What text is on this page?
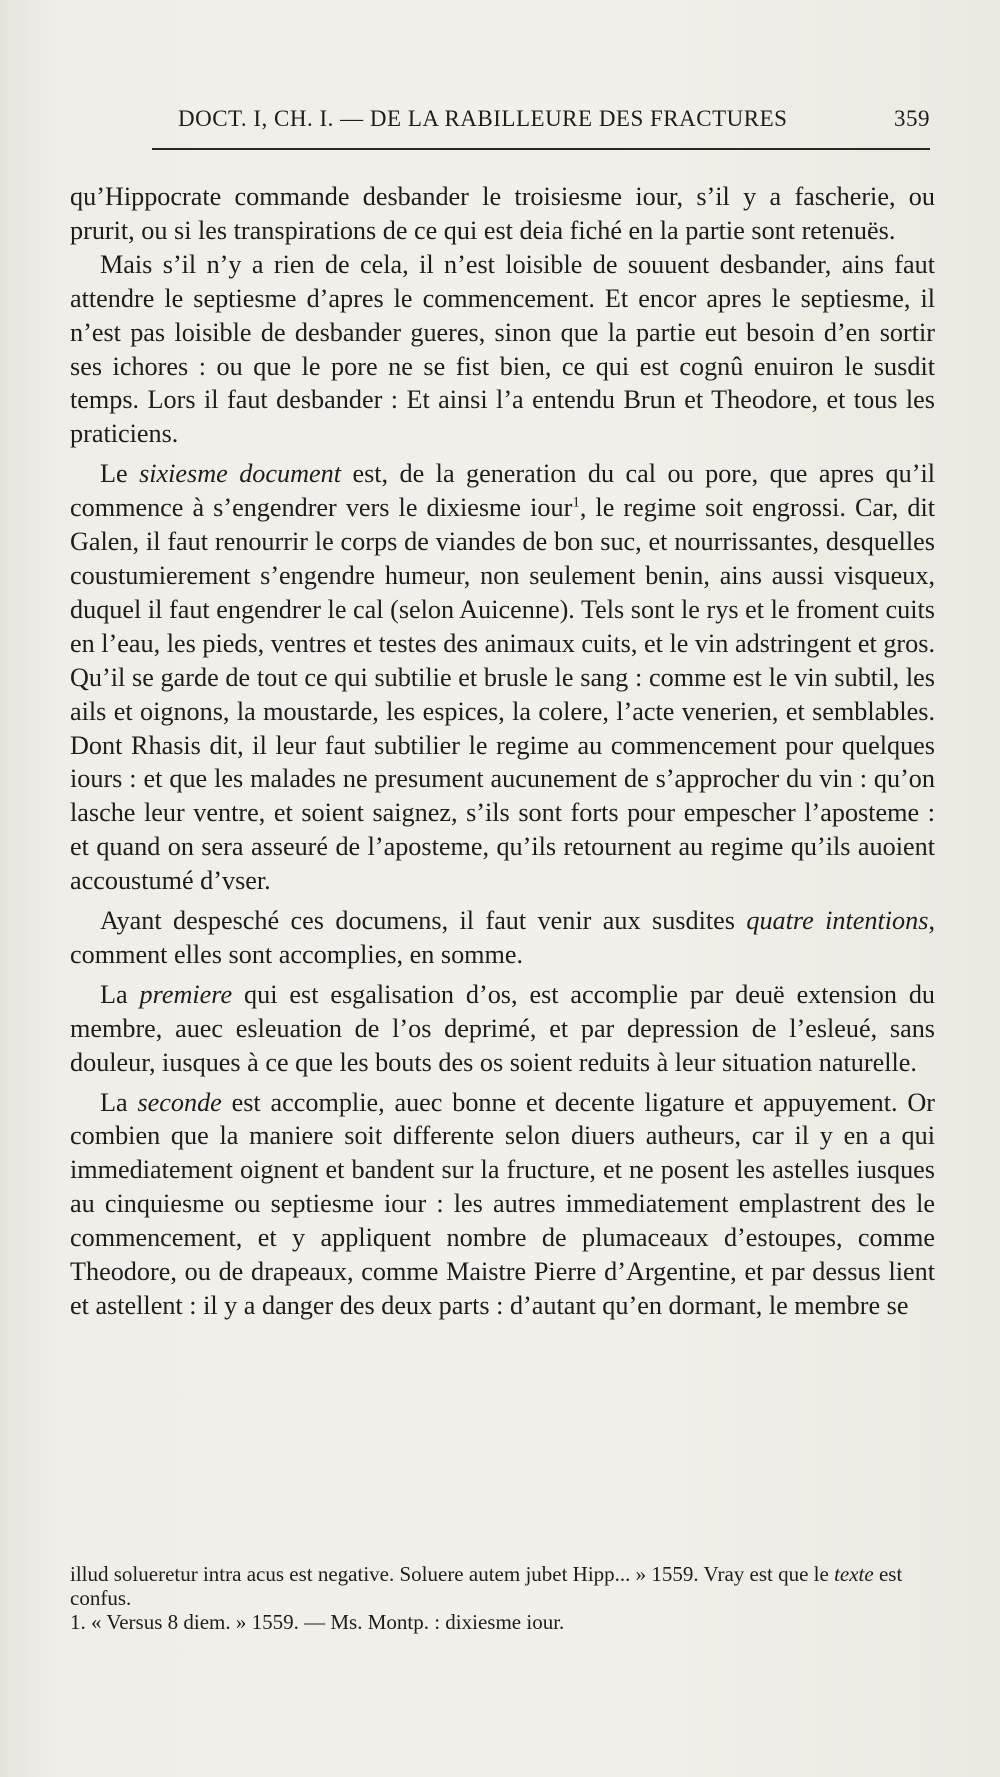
DOCT. I, CH. I. — DE LA RABILLEURE DES FRACTURES	359

qu’Hippocrate commande desbander le troisiesme iour, s’il y a fascherie, ou prurit, ou si les transpirations de ce qui est deia fiché en la partie sont retenuës.

Mais s’il n’y a rien de cela, il n’est loisible de souuent desbander, ains faut attendre le septiesme d’apres le commencement. Et encor apres le septiesme, il n’est pas loisible de desbander gueres, sinon que la partie eut besoin d’en sortir ses ichores : ou que le pore ne se fist bien, ce qui est cognû enuiron le susdit temps. Lors il faut desbander : Et ainsi l’a entendu Brun et Theodore, et tous les praticiens.

Le sixiesme document est, de la generation du cal ou pore, que apres qu’il commence à s’engendrer vers le dixiesme iour$^1$, le regime soit engrossi. Car, dit Galen, il faut renourrir le corps de viandes de bon suc, et nourrissantes, desquelles coustumierement s’engendre humeur, non seulement benin, ains aussi visqueux, duquel il faut engendrer le cal (selon Auicenne). Tels sont le rys et le froment cuits en l’eau, les pieds, ventres et testes des animaux cuits, et le vin adstringent et gros. Qu’il se garde de tout ce qui subtilie et brusle le sang : comme est le vin subtil, les ails et oignons, la moustarde, les espices, la colere, l’acte venerien, et semblables. Dont Rhasis dit, il leur faut subtilier le regime au commencement pour quelques iours : et que les malades ne presument aucunement de s’approcher du vin : qu’on lasche leur ventre, et soient saignez, s’ils sont forts pour empescher l’aposteme : et quand on sera asseuré de l’aposteme, qu’ils retournent au regime qu’ils auoient accoustumé d’vser.

Ayant despesché ces documens, il faut venir aux susdites quatre intentions, comment elles sont accomplies, en somme.

La premiere qui est esgalisation d’os, est accomplie par deuë extension du membre, auec esleuation de l’os deprimé, et par depression de l’esleué, sans douleur, iusques à ce que les bouts des os soient reduits à leur situation naturelle.

La seconde est accomplie, auec bonne et decente ligature et appuyement. Or combien que la maniere soit differente selon diuers autheurs, car il y en a qui immediatement oignent et bandent sur la fructure, et ne posent les astelles iusques au cinquiesme ou septiesme iour : les autres immediatement emplastrent des le commencement, et y appliquent nombre de plumaceaux d’estoupes, comme Theodore, ou de drapeaux, comme Maistre Pierre d’Argentine, et par dessus lient et astellent : il y a danger des deux parts : d’autant qu’en dormant, le membre se

illud solueretur intra acus est negative. Soluere autem jubet Hipp... » 1559. Vray est que le texte est confus.

1. « Versus 8 diem. » 1559. — Ms. Montp. : dixiesme iour.
